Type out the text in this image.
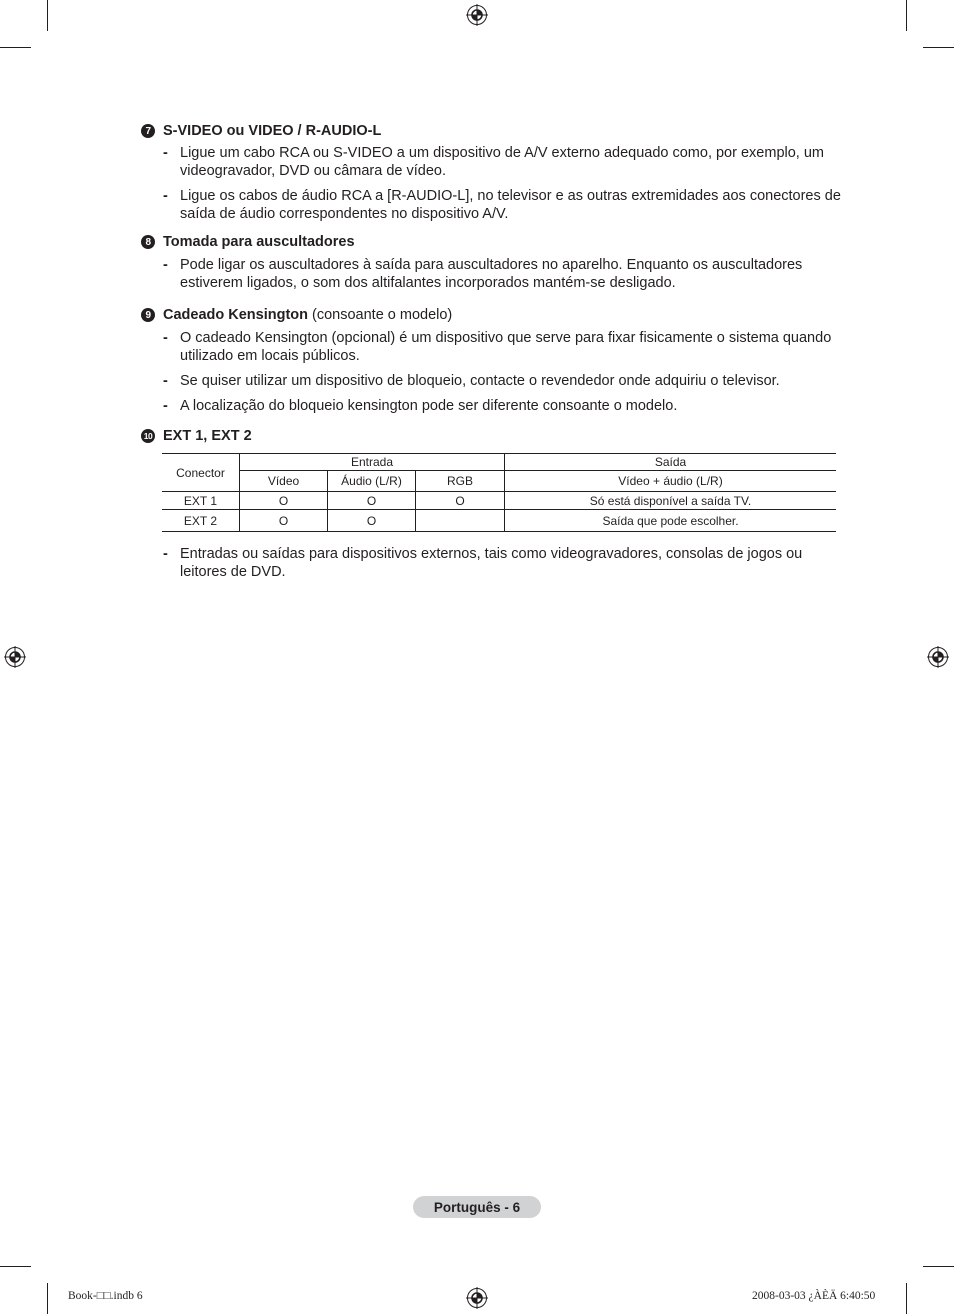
7 S-VIDEO ou VIDEO / R-AUDIO-L
- Ligue um cabo RCA ou S-VIDEO a um dispositivo de A/V externo adequado como, por exemplo, um videogravador, DVD ou câmara de vídeo.
- Ligue os cabos de áudio RCA a [R-AUDIO-L], no televisor e as outras extremidades aos conectores de saída de áudio correspondentes no dispositivo A/V.
8 Tomada para auscultadores
- Pode ligar os auscultadores à saída para auscultadores no aparelho. Enquanto os auscultadores estiverem ligados, o som dos altifalantes incorporados mantém-se desligado.
9 Cadeado Kensington (consoante o modelo)
- O cadeado Kensington (opcional) é um dispositivo que serve para fixar fisicamente o sistema quando utilizado em locais públicos.
- Se quiser utilizar um dispositivo de bloqueio, contacte o revendedor onde adquiriu o televisor.
- A localização do bloqueio kensington pode ser diferente consoante o modelo.
10 EXT 1, EXT 2
Conector	Entrada			Saída
	Vídeo	Áudio (L/R)	RGB	Vídeo + áudio (L/R)
EXT 1	O	O	O	Só está disponível a saída TV.
EXT 2	O	O		Saída que pode escolher.
- Entradas ou saídas para dispositivos externos, tais como videogravadores, consolas de jogos ou leitores de DVD.
Português - 6
Book-□□.indb 6	2008-03-03 ¿ÀÈÄ 6:40:50
